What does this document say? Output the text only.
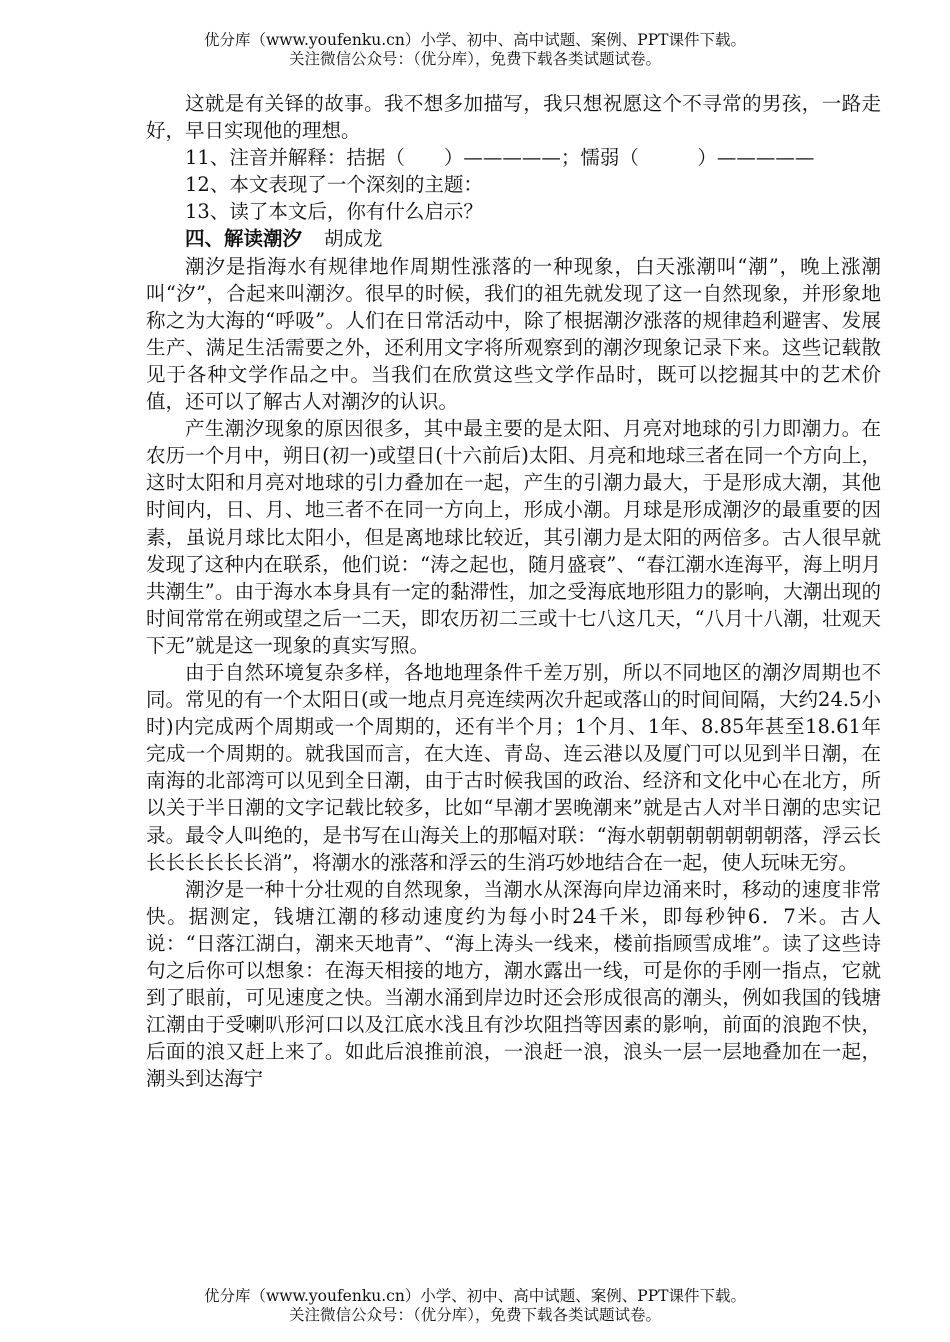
优分库（www.youfenku.cn）小学、初中、高中试题、案例、PPT课件下载。
关注微信公众号：（优分库），免费下载各类试题试卷。

这就是有关铎的故事。我不想多加描写，我只想祝愿这个不寻常的男孩，一路走好，早日实现他的理想。

11、注音并解释：拮据（　　）—————；懦弱（　　　）—————

12、本文表现了一个深刻的主题：

13、读了本文后，你有什么启示？

四、解读潮汐 胡成龙

潮汐是指海水有规律地作周期性涨落的一种现象，白天涨潮叫“潮”，晚上涨潮叫“汐”，合起来叫潮汐。很早的时候，我们的祖先就发现了这一自然现象，并形象地称之为大海的“呼吸”。人们在日常活动中，除了根据潮汐涨落的规律趋利避害、发展生产、满足生活需要之外，还利用文字将所观察到的潮汐现象记录下来。这些记载散见于各种文学作品之中。当我们在欣赏这些文学作品时，既可以挖掘其中的艺术价值，还可以了解古人对潮汐的认识。

产生潮汐现象的原因很多，其中最主要的是太阳、月亮对地球的引力即潮力。在农历一个月中，朔日(初一)或望日(十六前后)太阳、月亮和地球三者在同一个方向上，这时太阳和月亮对地球的引力叠加在一起，产生的引潮力最大，于是形成大潮，其他时间内，日、月、地三者不在同一方向上，形成小潮。月球是形成潮汐的最重要的因素，虽说月球比太阳小，但是离地球比较近，其引潮力是太阳的两倍多。古人很早就发现了这种内在联系，他们说：“涛之起也，随月盛衰”、“春江潮水连海平，海上明月共潮生”。由于海水本身具有一定的黏滞性，加之受海底地形阻力的影响，大潮出现的时间常常在朔或望之后一二天，即农历初二三或十七八这几天，“八月十八潮，壮观天下无”就是这一现象的真实写照。

由于自然环境复杂多样，各地地理条件千差万别，所以不同地区的潮汐周期也不同。常见的有一个太阳日(或一地点月亮连续两次升起或落山的时间间隔，大约24.5小时)内完成两个周期或一个周期的，还有半个月；1个月、1年、8.85年甚至18.61年完成一个周期的。就我国而言，在大连、青岛、连云港以及厦门可以见到半日潮，在南海的北部湾可以见到全日潮，由于古时候我国的政治、经济和文化中心在北方，所以关于半日潮的文字记载比较多，比如“早潮才罢晚潮来”就是古人对半日潮的忠实记录。最令人叫绝的，是书写在山海关上的那幅对联：“海水朝朝朝朝朝朝朝落，浮云长长长长长长长消”，将潮水的涨落和浮云的生消巧妙地结合在一起，使人玩味无穷。

潮汐是一种十分壮观的自然现象，当潮水从深海向岸边涌来时，移动的速度非常快。据测定，钱塘江潮的移动速度约为每小时24千米，即每秒钟6．7米。古人说：“日落江湖白，潮来天地青”、“海上涛头一线来，楼前指顾雪成堆”。读了这些诗句之后你可以想象：在海天相接的地方，潮水露出一线，可是你的手刚一指点，它就到了眼前，可见速度之快。当潮水涌到岸边时还会形成很高的潮头，例如我国的钱塘江潮由于受喇叭形河口以及江底水浅且有沙坎阻挡等因素的影响，前面的浪跑不快，后面的浪又赶上来了。如此后浪推前浪，一浪赶一浪，浪头一层一层地叠加在一起，潮头到达海宁

优分库（www.youfenku.cn）小学、初中、高中试题、案例、PPT课件下载。
关注微信公众号：（优分库），免费下载各类试题试卷。
